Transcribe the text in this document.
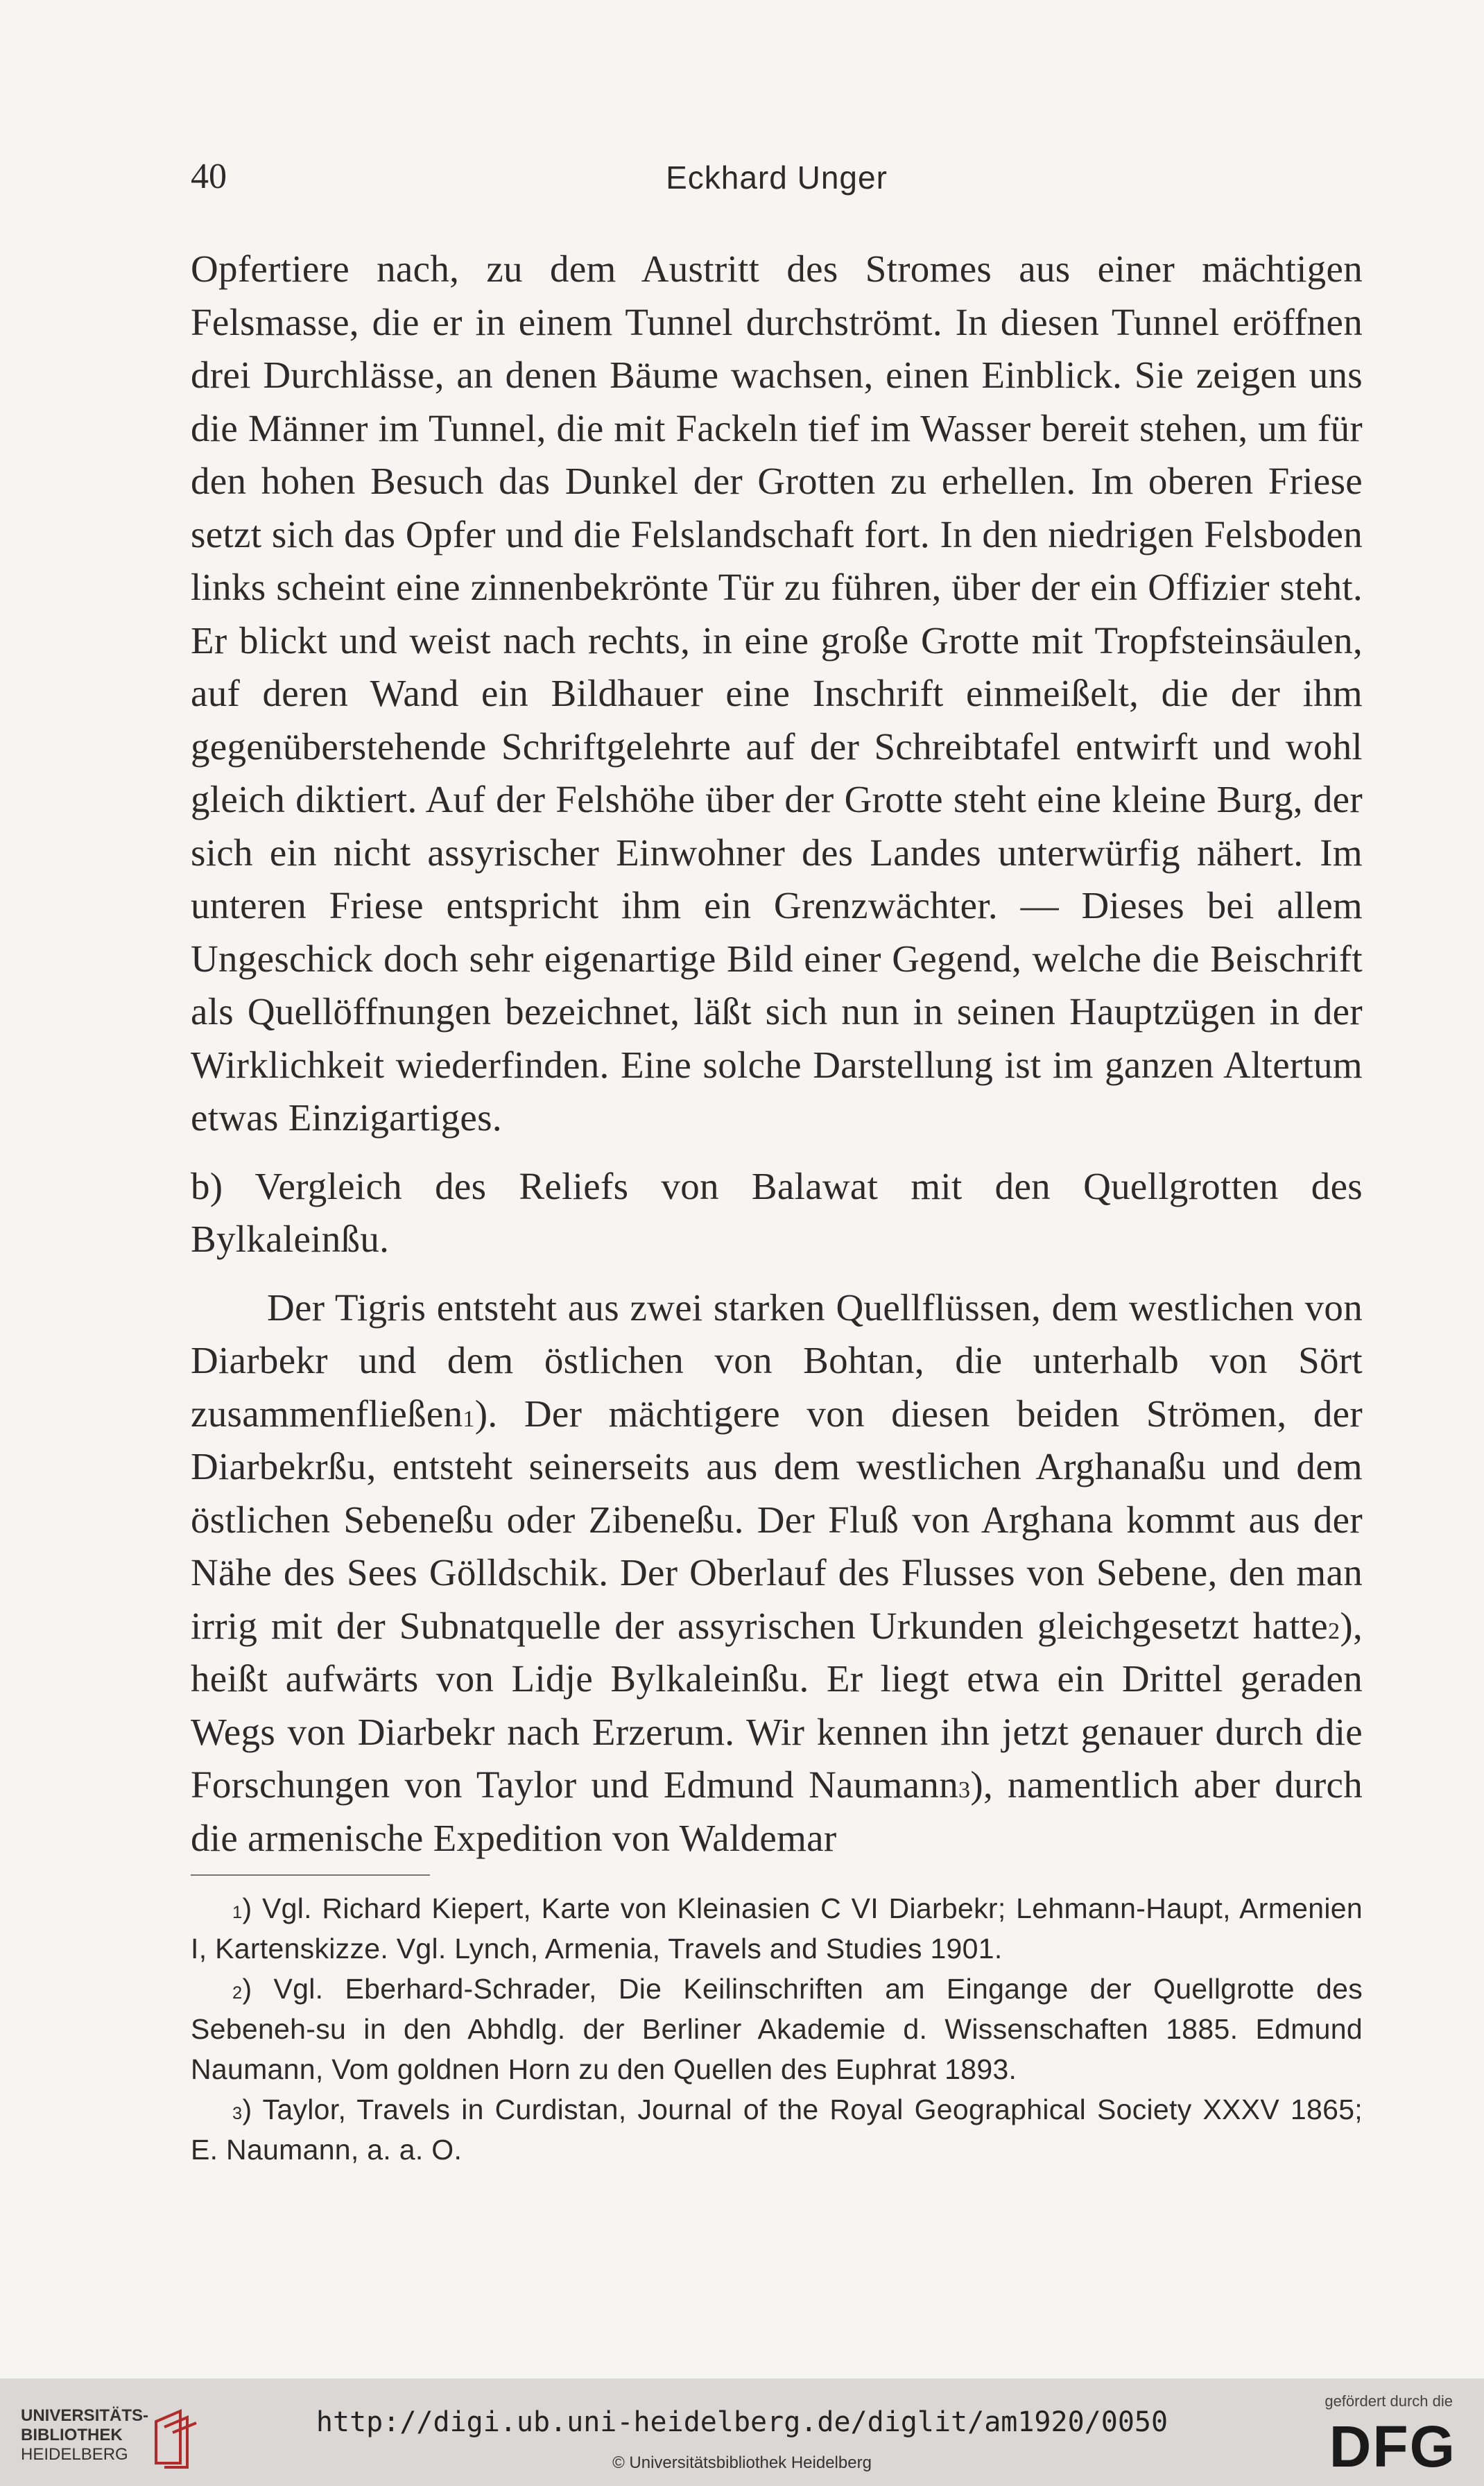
40	Eckhard Unger

Opfertiere nach, zu dem Austritt des Stromes aus einer mächtigen Felsmasse, die er in einem Tunnel durchströmt. In diesen Tunnel eröffnen drei Durchlässe, an denen Bäume wachsen, einen Einblick. Sie zeigen uns die Männer im Tunnel, die mit Fackeln tief im Wasser bereit stehen, um für den hohen Besuch das Dunkel der Grotten zu erhellen. Im oberen Friese setzt sich das Opfer und die Felslandschaft fort. In den niedrigen Felsboden links scheint eine zinnenbekrönte Tür zu führen, über der ein Offizier steht. Er blickt und weist nach rechts, in eine große Grotte mit Tropfsteinsäulen, auf deren Wand ein Bildhauer eine Inschrift einmeißelt, die der ihm gegenüberstehende Schriftgelehrte auf der Schreibtafel entwirft und wohl gleich diktiert. Auf der Felshöhe über der Grotte steht eine kleine Burg, der sich ein nicht assyrischer Einwohner des Landes unterwürfig nähert. Im unteren Friese entspricht ihm ein Grenzwächter. — Dieses bei allem Ungeschick doch sehr eigenartige Bild einer Gegend, welche die Beischrift als Quellöffnungen bezeichnet, läßt sich nun in seinen Hauptzügen in der Wirklichkeit wiederfinden. Eine solche Darstellung ist im ganzen Altertum etwas Einzigartiges.

b) Vergleich des Reliefs von Balawat mit den Quellgrotten des Bylkaleinßu.

Der Tigris entsteht aus zwei starken Quellflüssen, dem westlichen von Diarbekr und dem östlichen von Bohtan, die unterhalb von Sört zusammenfließen$^1$). Der mächtigere von diesen beiden Strömen, der Diarbekrßu, entsteht seinerseits aus dem westlichen Arghanaßu und dem östlichen Sebeneßu oder Zibeneßu. Der Fluß von Arghana kommt aus der Nähe des Sees Gölldschik. Der Oberlauf des Flusses von Sebene, den man irrig mit der Subnatquelle der assyrischen Urkunden gleichgesetzt hatte$^2$), heißt aufwärts von Lidje Bylkaleinßu. Er liegt etwa ein Drittel geraden Wegs von Diarbekr nach Erzerum. Wir kennen ihn jetzt genauer durch die Forschungen von Taylor und Edmund Naumann$^3$), namentlich aber durch die armenische Expedition von Waldemar

$^1$) Vgl. Richard Kiepert, Karte von Kleinasien C VI Diarbekr; Lehmann-Haupt, Armenien I, Kartenskizze. Vgl. Lynch, Armenia, Travels and Studies 1901.

$^2$) Vgl. Eberhard-Schrader, Die Keilinschriften am Eingange der Quellgrotte des Sebeneh-su in den Abhdlg. der Berliner Akademie d. Wissenschaften 1885. Edmund Naumann, Vom goldnen Horn zu den Quellen des Euphrat 1893.

$^3$) Taylor, Travels in Curdistan, Journal of the Royal Geographical Society XXXV 1865; E. Naumann, a. a. O.

UNIVERSITÄTS-
BIBLIOTHEK
HEIDELBERG
http://digi.ub.uni-heidelberg.de/diglit/am1920/0050
© Universitätsbibliothek Heidelberg
gefördert durch die
DFG
